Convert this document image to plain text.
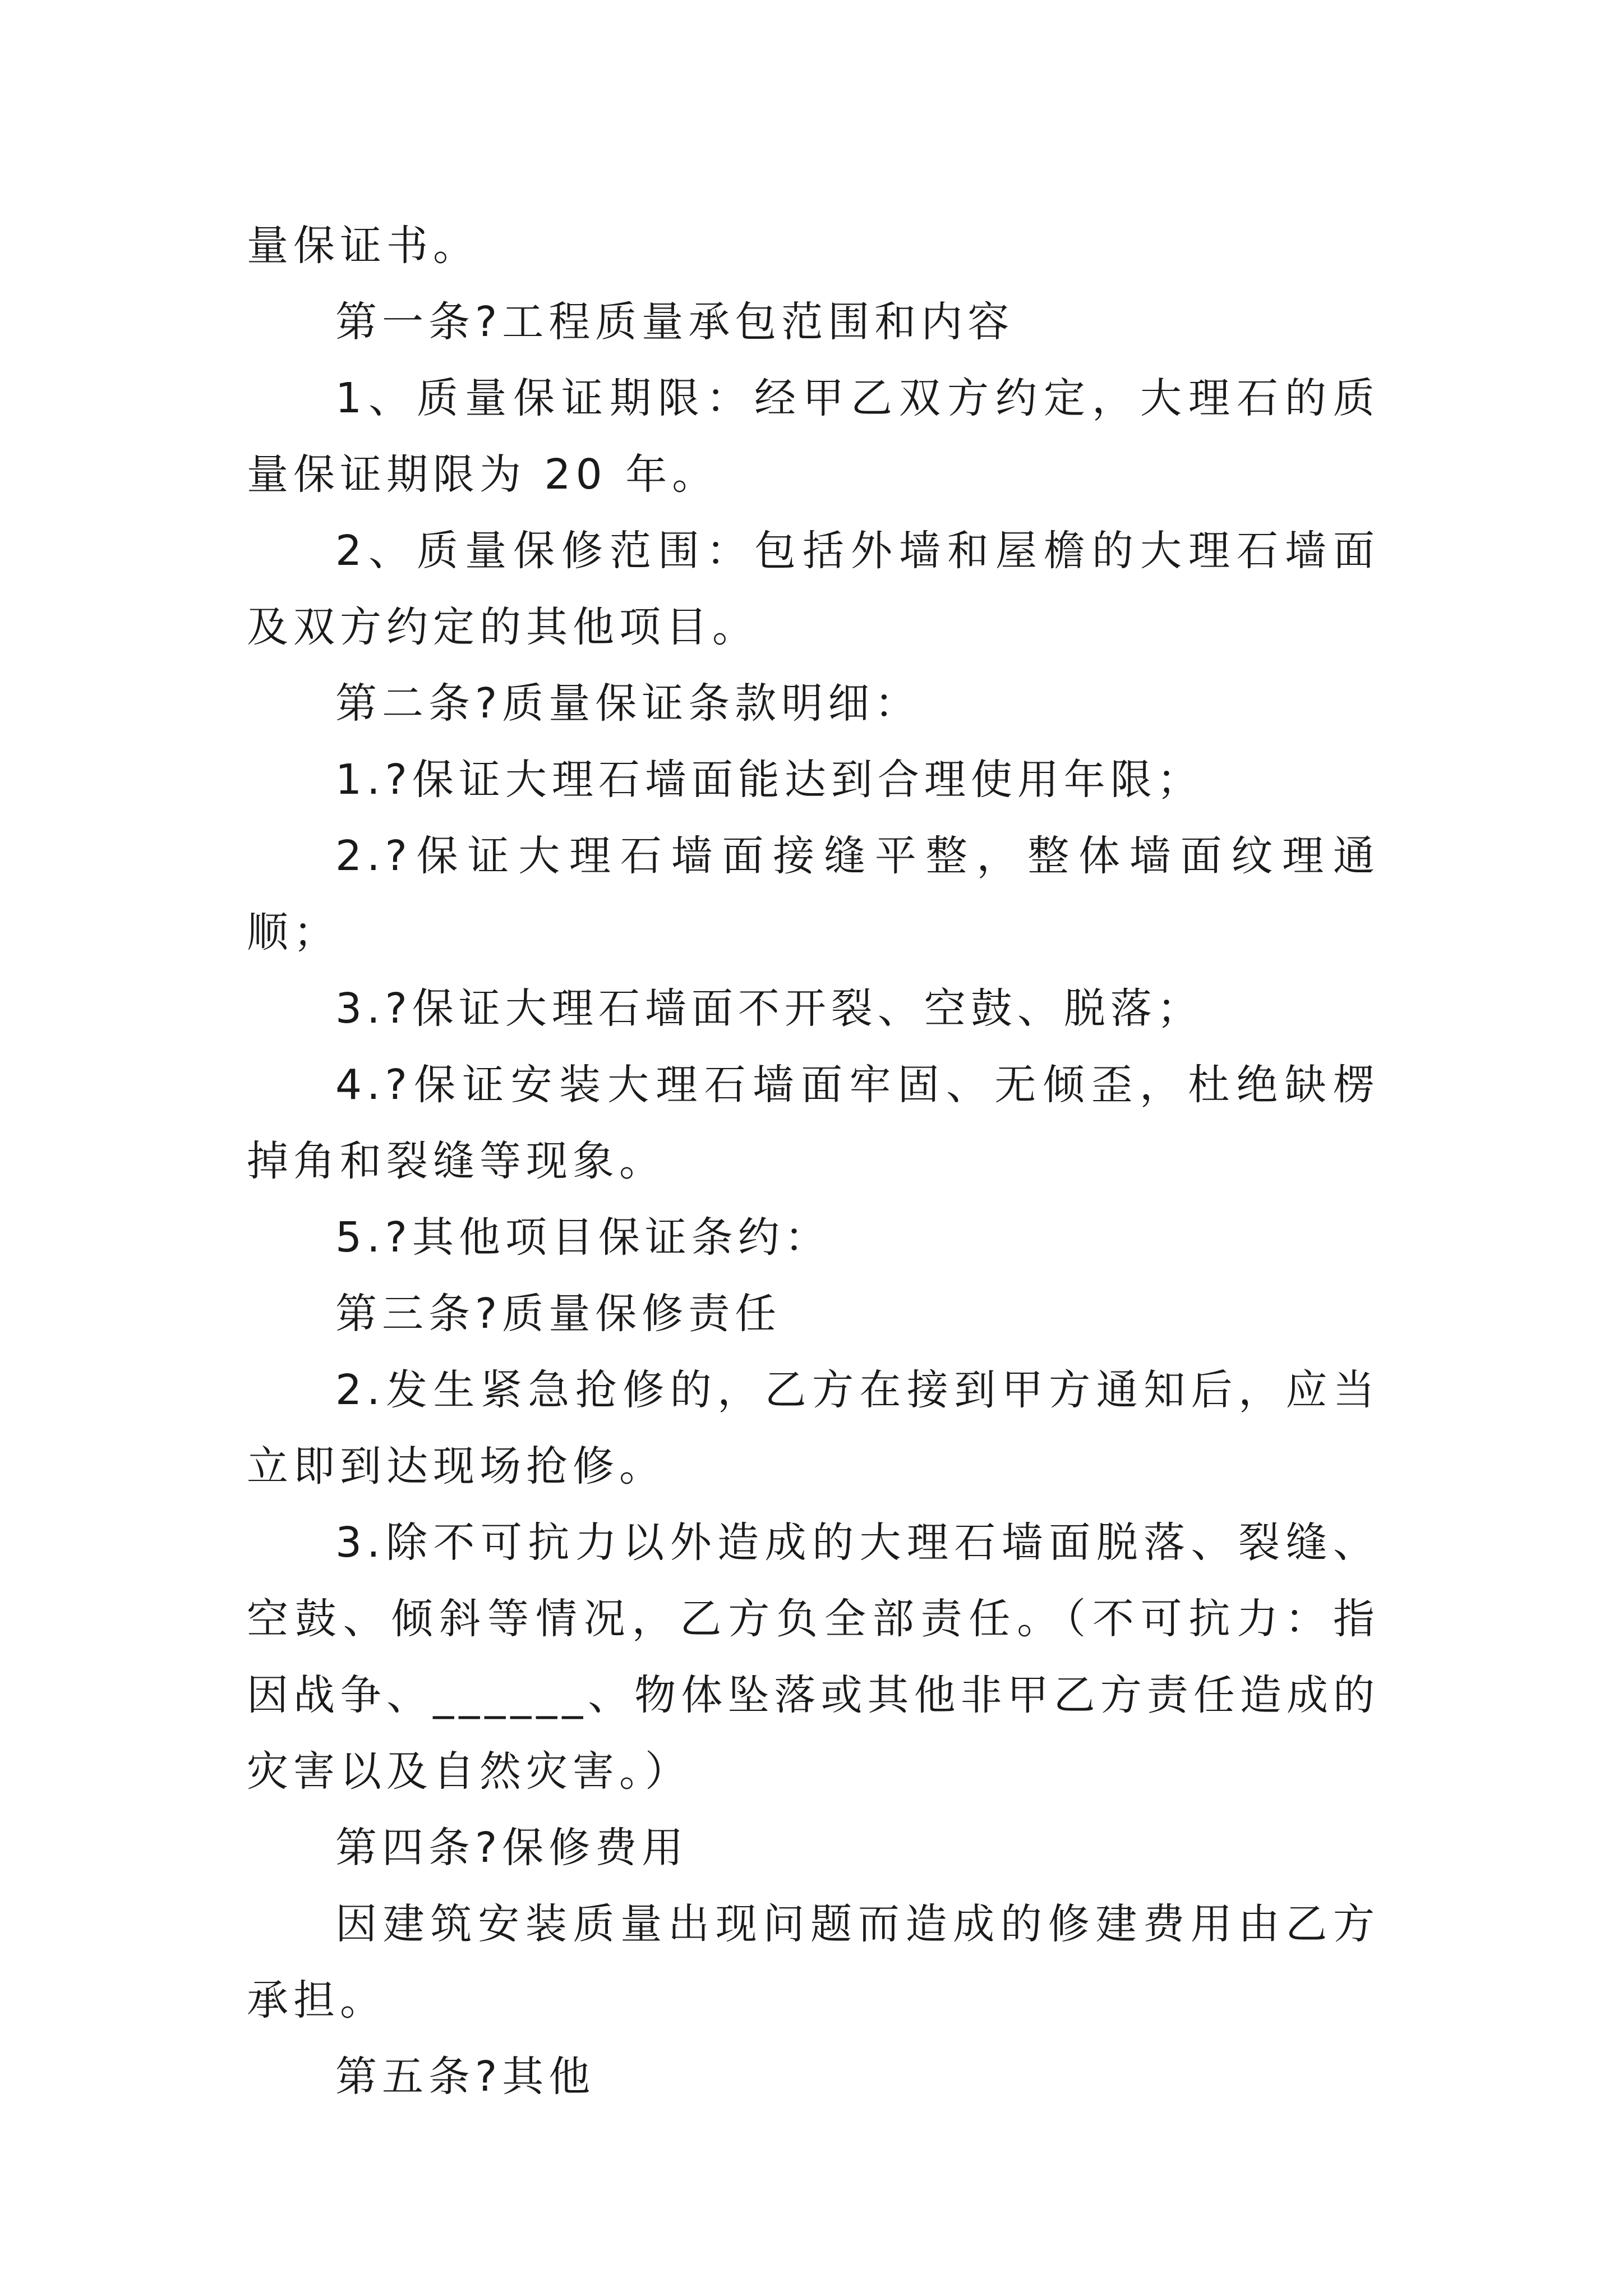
量保证书。

第一条?工程质量承包范围和内容

1、质量保证期限：经甲乙双方约定，大理石的质量保证期限为 20 年。

2、质量保修范围：包括外墙和屋檐的大理石墙面及双方约定的其他项目。

第二条?质量保证条款明细：

1.?保证大理石墙面能达到合理使用年限；

2.?保证大理石墙面接缝平整，整体墙面纹理通顺；

3.?保证大理石墙面不开裂、空鼓、脱落；

4.?保证安装大理石墙面牢固、无倾歪，杜绝缺楞掉角和裂缝等现象。

5.?其他项目保证条约：

第三条?质量保修责任

2.发生紧急抢修的，乙方在接到甲方通知后，应当立即到达现场抢修。

3.除不可抗力以外造成的大理石墙面脱落、裂缝、空鼓、倾斜等情况，乙方负全部责任。（不可抗力：指因战争、______、物体坠落或其他非甲乙方责任造成的灾害以及自然灾害。）

第四条?保修费用

因建筑安装质量出现问题而造成的修建费用由乙方承担。

第五条?其他
